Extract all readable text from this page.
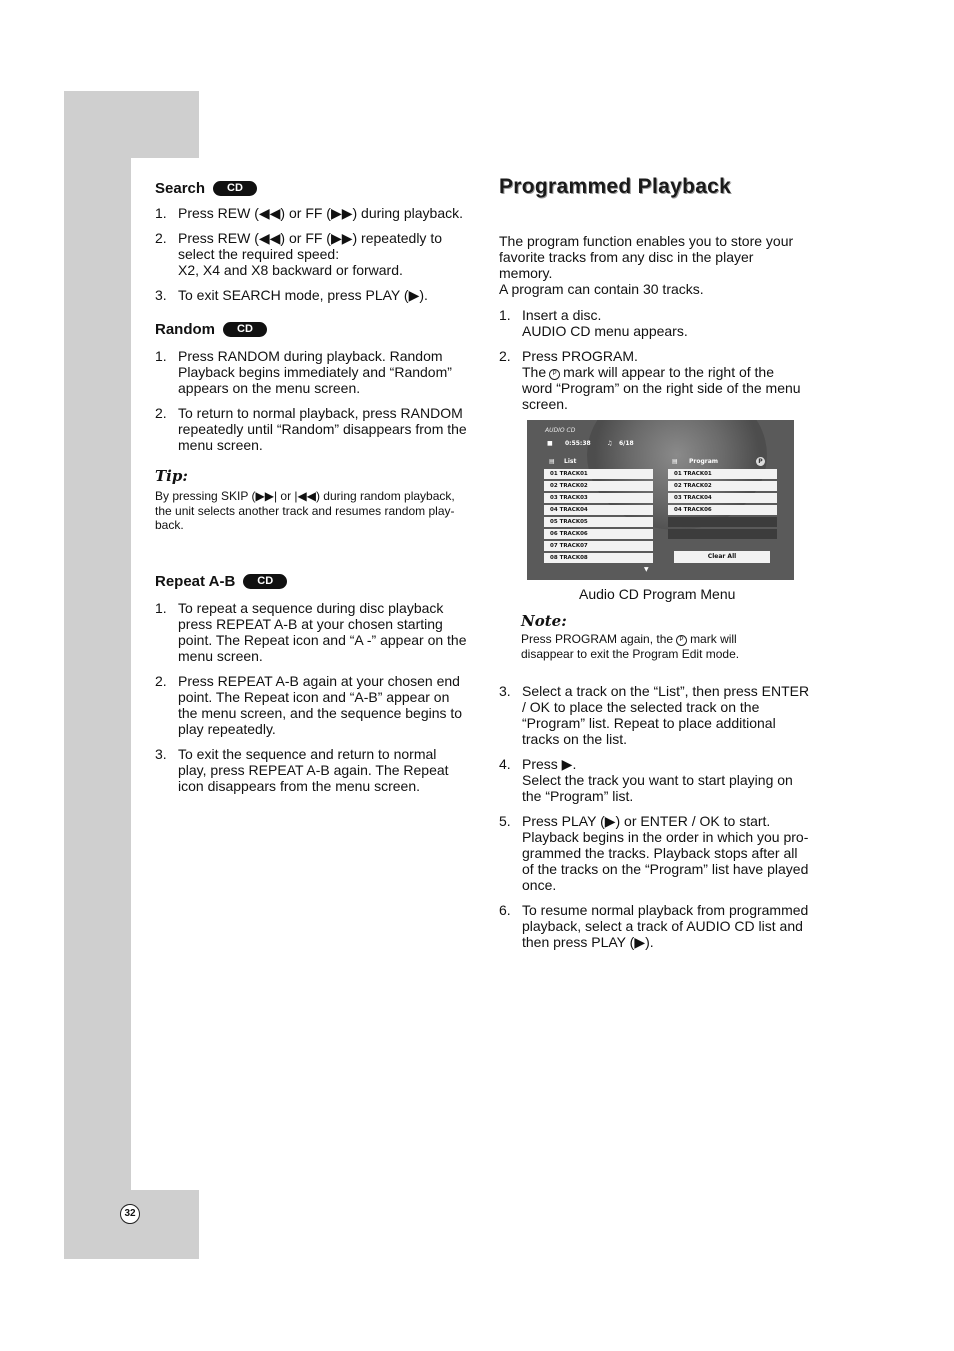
32
Search	CD
1. Press REW (◀◀) or FF (▶▶) during playback.
2. Press REW (◀◀) or FF (▶▶) repeatedly to
select the required speed:
X2, X4 and X8 backward or forward.
3. To exit SEARCH mode, press PLAY (▶).
Random	CD
1. Press RANDOM during playback. Random
Playback begins immediately and “Random”
appears on the menu screen.
2. To return to normal playback, press RANDOM
repeatedly until “Random” disappears from the
menu screen.
Tip:
By pressing SKIP (▶▶| or |◀◀) during random playback,
the unit selects another track and resumes random play-
back.
Repeat A-B	CD
1. To repeat a sequence during disc playback
press REPEAT A-B at your chosen starting
point. The Repeat icon and “A -” appear on the
menu screen.
2. Press REPEAT A-B again at your chosen end
point. The Repeat icon and “A-B” appear on
the menu screen, and the sequence begins to
play repeatedly.
3. To exit the sequence and return to normal
play, press REPEAT A-B again. The Repeat
icon disappears from the menu screen.
Programmed Playback
The program function enables you to store your
favorite tracks from any disc in the player
memory.
A program can contain 30 tracks.
1. Insert a disc.
AUDIO CD menu appears.
2. Press PROGRAM.
The P mark will appear to the right of the
word “Program” on the right side of the menu
screen.
AUDIO CD
■ 0:55:38	♫ 6/18
▤ List	▤ Program	P
01 TRACK01
02 TRACK02
03 TRACK03
04 TRACK04
05 TRACK05
06 TRACK06
07 TRACK07
08 TRACK08
▼
01 TRACK01
02 TRACK02
03 TRACK04
04 TRACK06
Clear All
Audio CD Program Menu
Note:
Press PROGRAM again, the P mark will
disappear to exit the Program Edit mode.
3. Select a track on the “List”, then press ENTER
/ OK to place the selected track on the
“Program” list. Repeat to place additional
tracks on the list.
4. Press ▶.
Select the track you want to start playing on
the “Program” list.
5. Press PLAY (▶) or ENTER / OK to start.
Playback begins in the order in which you pro-
grammed the tracks. Playback stops after all
of the tracks on the “Program” list have played
once.
6. To resume normal playback from programmed
playback, select a track of AUDIO CD list and
then press PLAY (▶).
